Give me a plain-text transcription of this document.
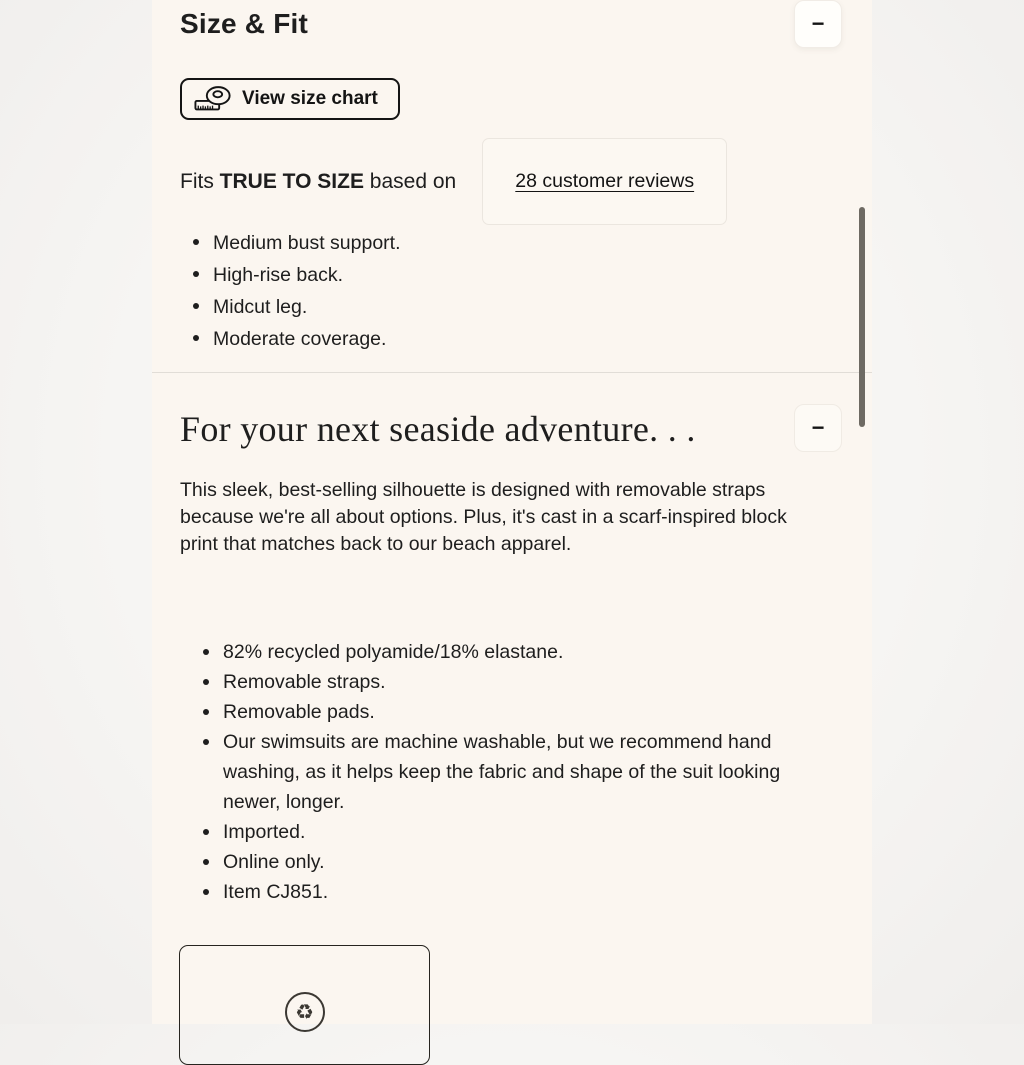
Size & Fit	−
View size chart
Fits TRUE TO SIZE based on	28 customer reviews
Medium bust support.
High-rise back.
Midcut leg.
Moderate coverage.
For your next seaside adventure. . .	−

This sleek, best-selling silhouette is designed with removable straps because we're all about options. Plus, it's cast in a scarf-inspired block print that matches back to our beach apparel.

82% recycled polyamide/18% elastane.
Removable straps.
Removable pads.
Our swimsuits are machine washable, but we recommend hand washing, as it helps keep the fabric and shape of the suit looking newer, longer.
Imported.
Online only.
Item CJ851.
♻
